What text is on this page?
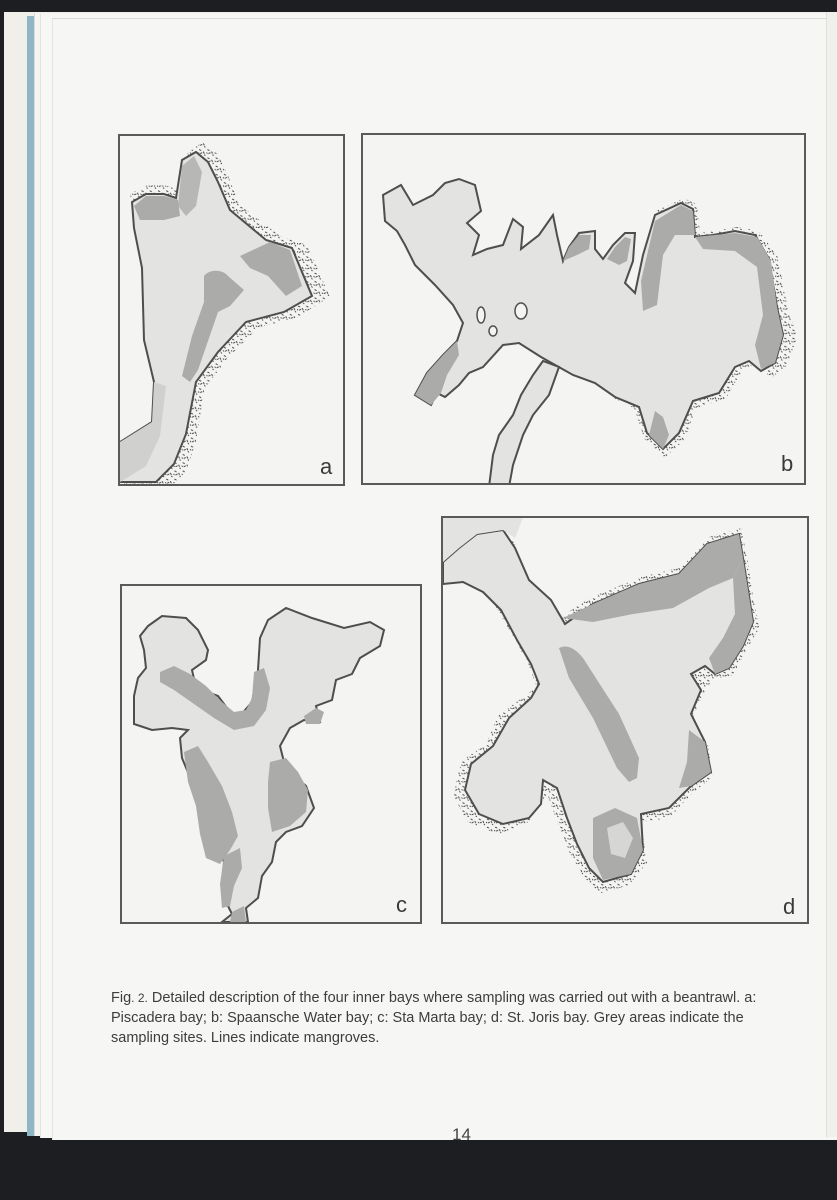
a	b
c	d
Fig. 2. Detailed description of the four inner bays where sampling was carried out with a beantrawl. a: Piscadera bay; b: Spaansche Water bay; c: Sta Marta bay; d: St. Joris bay. Grey areas indicate the sampling sites. Lines indicate mangroves.
14
